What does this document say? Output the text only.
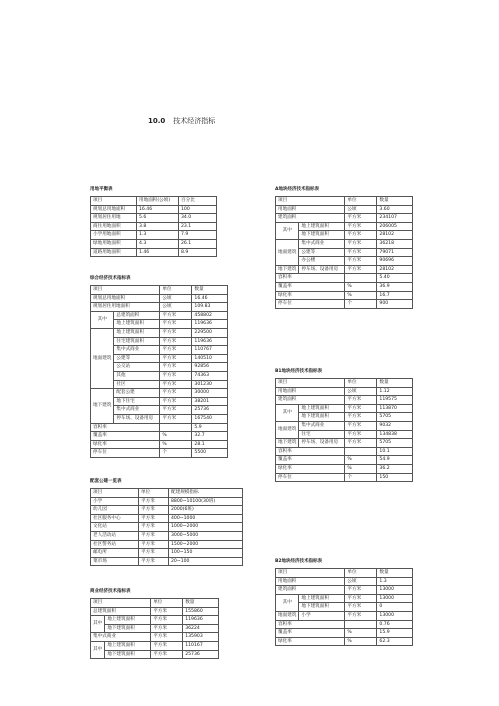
10.0 技术经济指标
用地平衡表
项目	用地面积(公顷)	百分比
规划总用地面积	16.46	100
规划居住用地	5.6	34.0
商住用地面积	3.8	23.1
小学用地面积	1.3	7.9
绿地用地面积	4.3	26.1
道路用地面积	1.46	8.9
综合经济技术指标表
项目		单位	数量
规划总用地面积		公顷	16.46
规划居住用地面积		公顷	109.83
其中	总建筑面积	平方米	458802
	地上建筑面积	平方米	119636
地面建筑	地上建筑面积	平方米	229500
	住宅建筑面积	平方米	119636
	集中式商业	平方米	110767
	公建等	平方米	140510
	公交站	平方米	92856
	其他	平方米	74363
	社区	平方米	301230
地下建筑	配套公建	平方米	30000
	地下住宅	平方米	38201
	集中式商业	平方米	25736
	停车场、设备用房	平方米	167540
容积率			5.9
覆盖率		%	32.7
绿化率		%	28.1
停车位		个	5500
配套公建一览表
项目	单位	配建规模指标
小学	平方米	8800~10100(30班)
幼儿园	平方米	2000(6班)
社区服务中心	平方米	400~1000
文化站	平方米	1000~2000
老人活动站	平方米	3000~5000
社区警务站	平方米	1500~2000
邮电所	平方米	100~150
菜市场	平方米	20~100
商业经济技术指标表
项目		单位	数量
总建筑面积		平方米	155860
其中	地上建筑面积	平方米	119636
	地下建筑面积	平方米	36224
集中式商业		平方米	135903
其中	地上建筑面积	平方米	110167
	地下建筑面积	平方米	25736
A地块经济技术指标表
项目		单位	数量
用地面积		公顷	3.60
建筑面积		平方米	234107
其中	地上建筑面积	平方米	206005
	地下建筑面积	平方米	28102
地面建筑	集中式商业	平方米	36218
	公建等	平方米	79071
	办公楼	平方米	90696
地下建筑	停车场、设备用房	平方米	28102
容积率			5.40
覆盖率		%	36.9
绿化率		%	16.7
停车位		个	900
B1地块经济技术指标表
项目		单位	数量
用地面积		公顷	1.12
建筑面积		平方米	119575
其中	地上建筑面积	平方米	113870
	地下建筑面积	平方米	5705
地面建筑	集中式商业	平方米	9032
	住宅	平方米	134838
地下建筑	停车场、设备用房	平方米	5705
容积率			10.1
覆盖率		%	54.9
绿化率		%	36.2
停车位		个	150
B2地块经济技术指标表
项目		单位	数量
用地面积		公顷	1.3
建筑面积		平方米	13000
其中	地上建筑面积	平方米	13000
	地下建筑面积	平方米	0
地面建筑	小学	平方米	13000
容积率			0.76
覆盖率		%	15.9
绿化率		%	62.3
